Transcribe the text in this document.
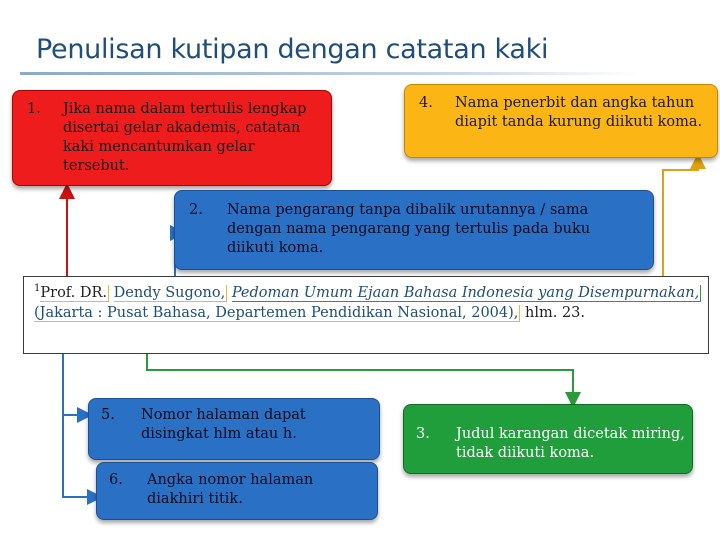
Penulisan kutipan dengan catatan kaki
1. Jika nama dalam tertulis lengkap disertai gelar akademis, catatan kaki mencantumkan gelar tersebut.
4. Nama penerbit dan angka tahun diapit tanda kurung diikuti koma.
2. Nama pengarang tanpa dibalik urutannya / sama dengan nama pengarang yang tertulis pada buku diikuti koma.
$^1$Prof. DR. Dendy Sugono, Pedoman Umum Ejaan Bahasa Indonesia yang Disempurnakan, (Jakarta : Pusat Bahasa, Departemen Pendidikan Nasional, 2004), hlm. 23.
5. Nomor halaman dapat disingkat hlm atau h.
6. Angka nomor halaman diakhiri titik.
3. Judul karangan dicetak miring, tidak diikuti koma.
